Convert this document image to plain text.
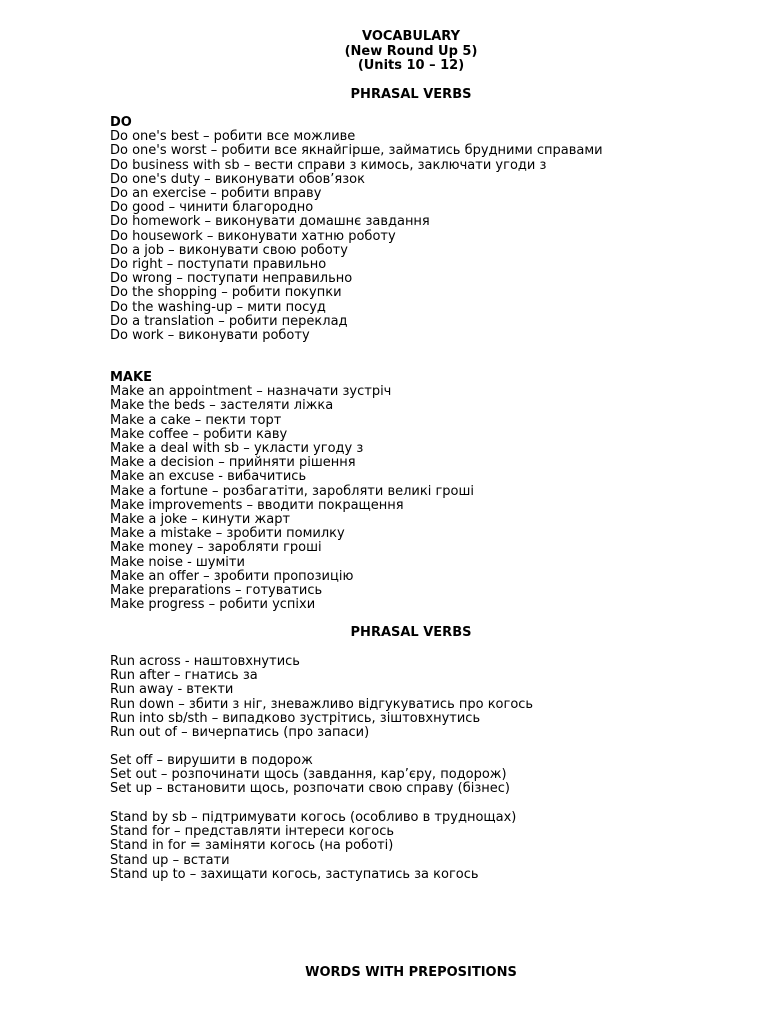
VOCABULARY
(New Round Up 5)
(Units 10 – 12)
PHRASAL VERBS
DO
Do one's best – робити все можливе
Do one's worst – робити все якнайгірше, займатись брудними справами
Do business with sb – вести справи з кимось, заключати угоди з
Do one's duty – виконувати обов’язок
Do an exercise – робити вправу
Do good – чинити благородно
Do homework – виконувати домашнє завдання
Do housework – виконувати хатню роботу
Do a job – виконувати свою роботу
Do right – поступати правильно
Do wrong – поступати неправильно
Do the shopping – робити покупки
Do the washing-up – мити посуд
Do a translation – робити переклад
Do work – виконувати роботу
MAKE
Make an appointment – назначати зустріч
Make the beds – застеляти ліжка
Make a cake – пекти торт
Make coffee – робити каву
Make a deal with sb – укласти угоду з
Make a decision – прийняти рішення
Make an excuse - вибачитись
Make a fortune – розбагатіти, заробляти великі гроші
Make improvements – вводити покращення
Make a joke – кинути жарт
Make a mistake – зробити помилку
Make money – заробляти гроші
Make noise - шуміти
Make an offer – зробити пропозицію
Make preparations – готуватись
Make progress – робити успіхи
PHRASAL VERBS
Run across - наштовхнутись
Run after – гнатись за
Run away - втекти
Run down – збити з ніг, зневажливо відгукуватись про когось
Run into sb/sth – випадково зустрітись, зіштовхнутись
Run out of – вичерпатись (про запаси)
Set off – вирушити в подорож
Set out – розпочинати щось (завдання, кар’єру, подорож)
Set up – встановити щось, розпочати свою справу (бізнес)
Stand by sb – підтримувати когось (особливо в труднощах)
Stand for – представляти інтереси когось
Stand in for = заміняти когось (на роботі)
Stand up – встати
Stand up to – захищати когось, заступатись за когось
WORDS WITH PREPOSITIONS
